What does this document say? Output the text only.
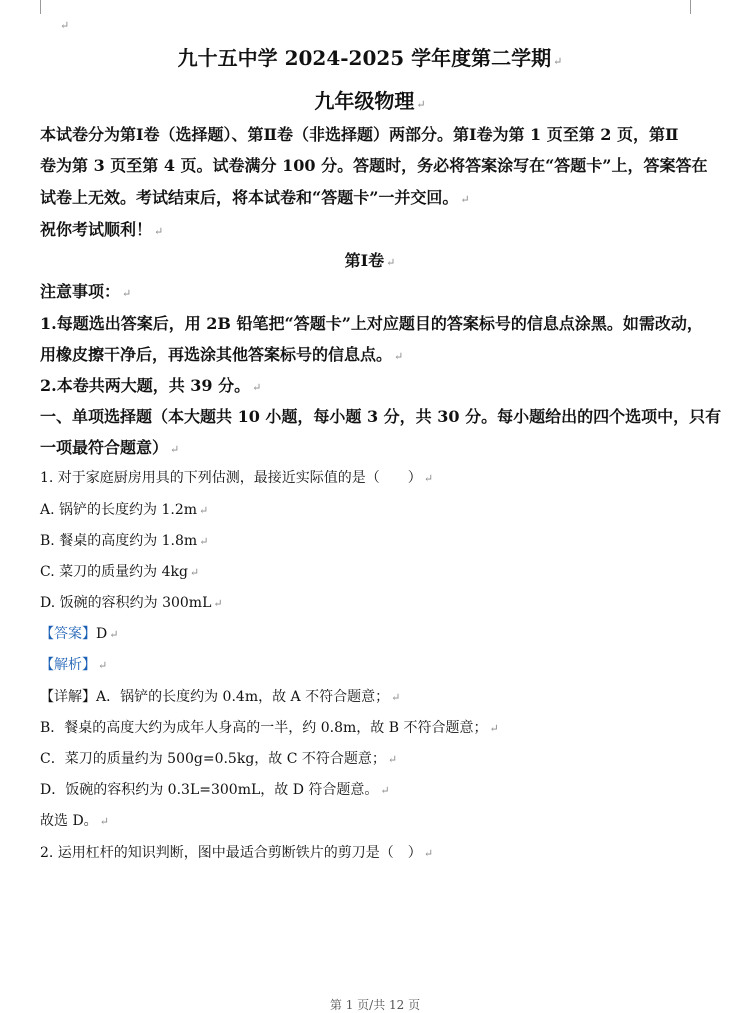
↵
九十五中学 2024-2025 学年度第二学期 ↵
九年级物理 ↵
本试卷分为第Ⅰ卷（选择题）、第Ⅱ卷（非选择题）两部分。第Ⅰ卷为第 1 页至第 2 页，第Ⅱ
卷为第 3 页至第 4 页。试卷满分 100 分。答题时，务必将答案涂写在“答题卡”上，答案答在
试卷上无效。考试结束后，将本试卷和“答题卡”一并交回。 ↵
祝你考试顺利！ ↵
第Ⅰ卷 ↵
注意事项： ↵
1.每题选出答案后，用 2B 铅笔把“答题卡”上对应题目的答案标号的信息点涂黑。如需改动，
用橡皮擦干净后，再选涂其他答案标号的信息点。 ↵
2.本卷共两大题，共 39 分。 ↵
一、单项选择题（本大题共 10 小题，每小题 3 分，共 30 分。每小题给出的四个选项中，只有
一项最符合题意） ↵
1. 对于家庭厨房用具的下列估测，最接近实际值的是（　　） ↵
A. 锅铲的长度约为 1.2m ↵
B. 餐桌的高度约为 1.8m ↵
C. 菜刀的质量约为 4kg ↵
D. 饭碗的容积约为 300mL ↵
【答案】D ↵
【解析】 ↵
【详解】A．锅铲的长度约为 0.4m，故 A 不符合题意； ↵
B．餐桌的高度大约为成年人身高的一半，约 0.8m，故 B 不符合题意； ↵
C．菜刀的质量约为 500g=0.5kg，故 C 不符合题意； ↵
D．饭碗的容积约为 0.3L=300mL，故 D 符合题意。 ↵
故选 D。 ↵
2. 运用杠杆的知识判断，图中最适合剪断铁片的剪刀是（　） ↵
第 1 页/共 12 页
